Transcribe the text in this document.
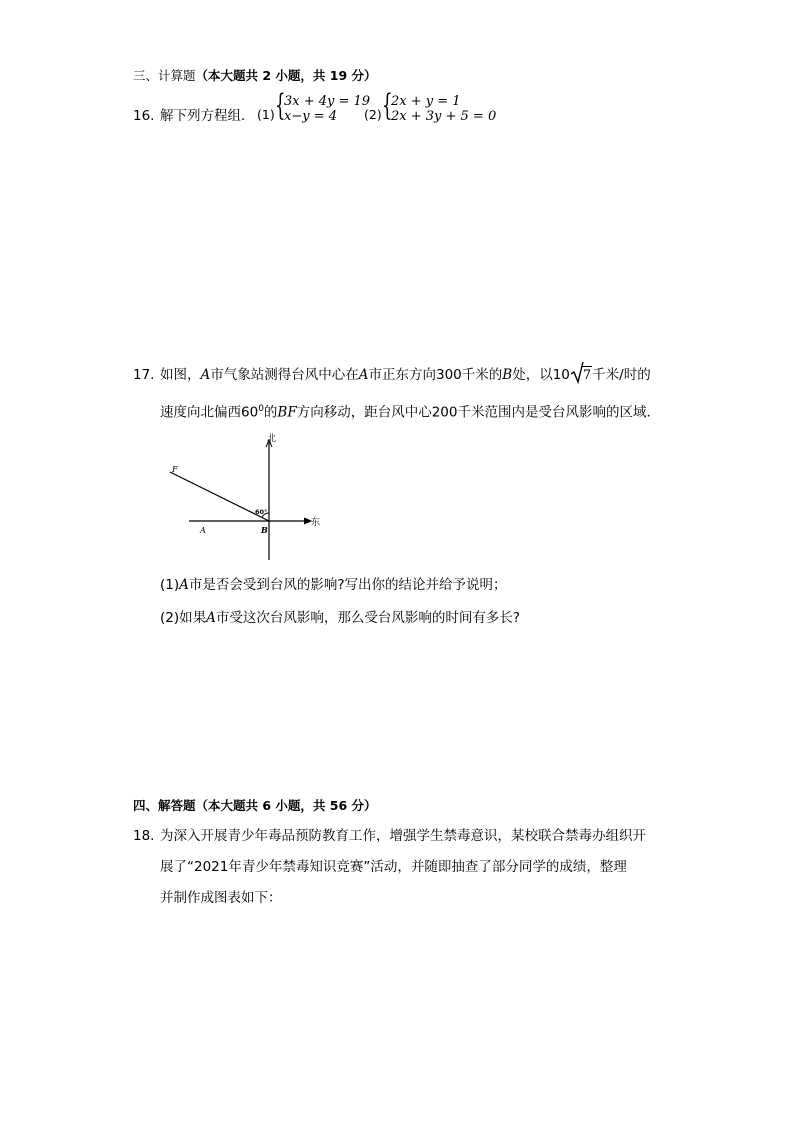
三、计算题（本大题共 2 小题，共 19 分）
16. 解下列方程组． (1) {
3x + 4y = 19
x−y = 4 (2) {
2x + y = 1
2x + 3y + 5 = 0
17. 如图，A市气象站测得台风中心在A市正东方向300千米的B处，以10 7千米/时的
速度向北偏西$60^0$的BF方向移动，距台风中心200千米范围内是受台风影响的区域．
北
东
F
A	B
60°
(1)A市是否会受到台风的影响?写出你的结论并给予说明；
(2)如果A市受这次台风影响，那么受台风影响的时间有多长?
四、解答题（本大题共 6 小题，共 56 分）
18. 为深入开展青少年毒品预防教育工作，增强学生禁毒意识，某校联合禁毒办组织开
展了“2021年青少年禁毒知识竞赛”活动，并随即抽查了部分同学的成绩，整理
并制作成图表如下：
